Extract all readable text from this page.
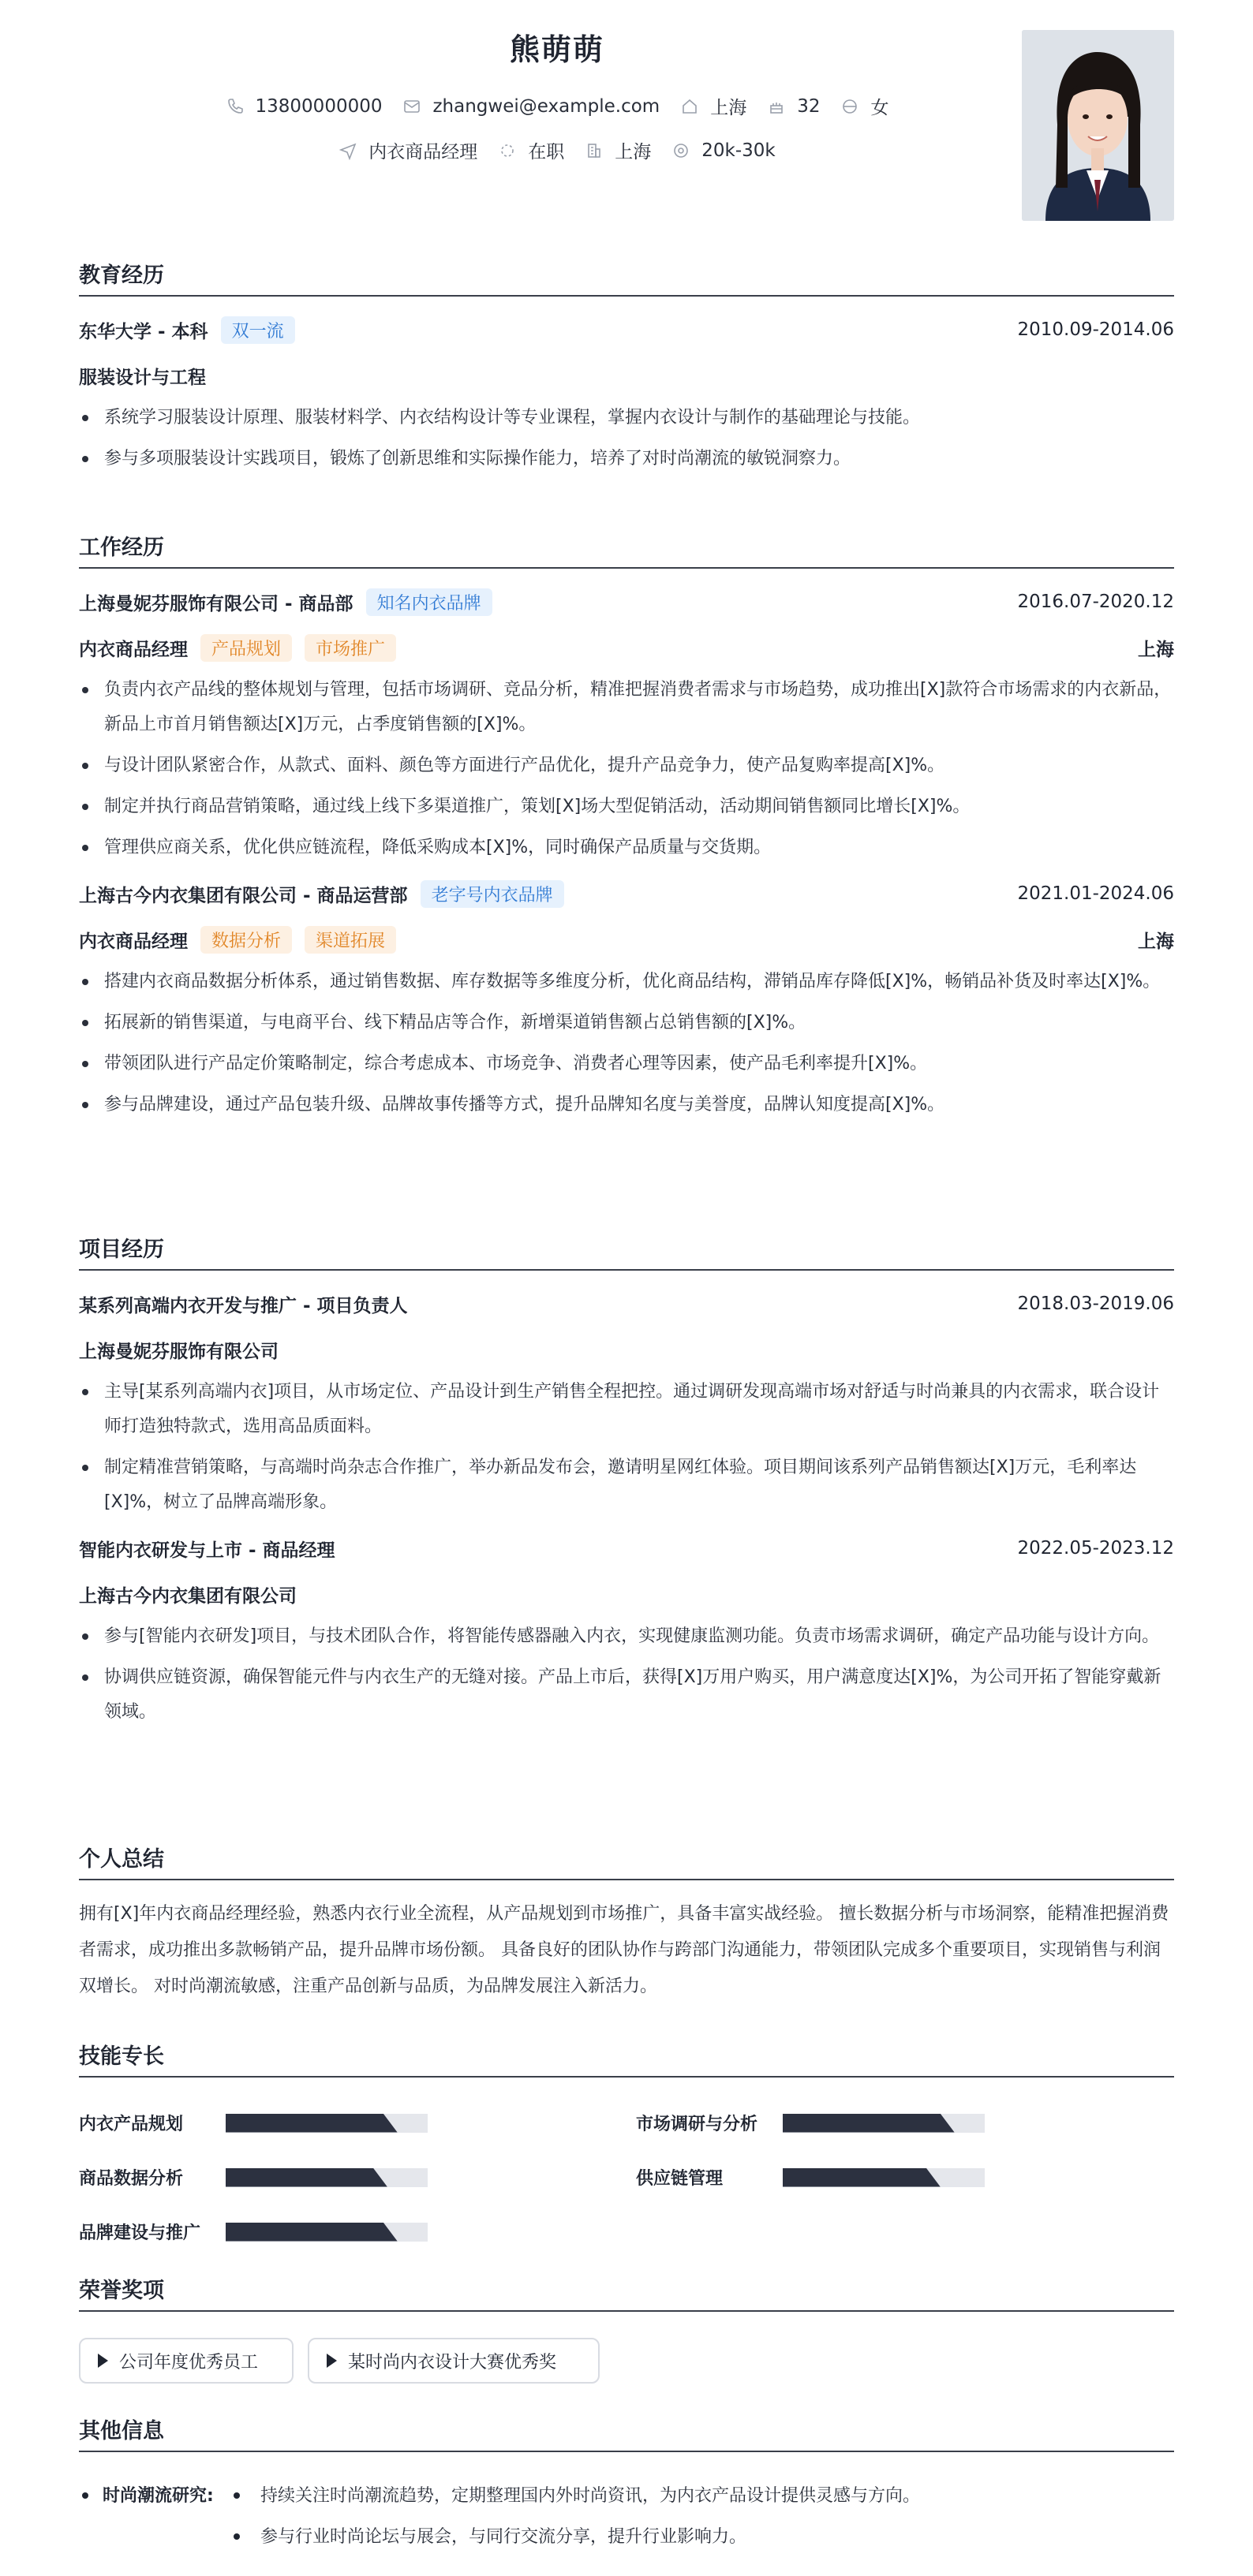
熊萌萌
13800000000	zhangwei@example.com	上海	32	女
内衣商品经理	在职	上海	20k-30k
教育经历
东华大学 - 本科	双一流	2010.09-2014.06
服装设计与工程
系统学习服装设计原理、服装材料学、内衣结构设计等专业课程，掌握内衣设计与制作的基础理论与技能。
参与多项服装设计实践项目，锻炼了创新思维和实际操作能力，培养了对时尚潮流的敏锐洞察力。
工作经历
上海曼妮芬服饰有限公司 - 商品部	知名内衣品牌	2016.07-2020.12
内衣商品经理	产品规划	市场推广	上海
负责内衣产品线的整体规划与管理，包括市场调研、竞品分析，精准把握消费者需求与市场趋势，成功推出[X]款符合市场需求的内衣新品，新品上市首月销售额达[X]万元，占季度销售额的[X]%。
与设计团队紧密合作，从款式、面料、颜色等方面进行产品优化，提升产品竞争力，使产品复购率提高[X]%。
制定并执行商品营销策略，通过线上线下多渠道推广，策划[X]场大型促销活动，活动期间销售额同比增长[X]%。
管理供应商关系，优化供应链流程，降低采购成本[X]%，同时确保产品质量与交货期。
上海古今内衣集团有限公司 - 商品运营部	老字号内衣品牌	2021.01-2024.06
内衣商品经理	数据分析	渠道拓展	上海
搭建内衣商品数据分析体系，通过销售数据、库存数据等多维度分析，优化商品结构，滞销品库存降低[X]%，畅销品补货及时率达[X]%。
拓展新的销售渠道，与电商平台、线下精品店等合作，新增渠道销售额占总销售额的[X]%。
带领团队进行产品定价策略制定，综合考虑成本、市场竞争、消费者心理等因素，使产品毛利率提升[X]%。
参与品牌建设，通过产品包装升级、品牌故事传播等方式，提升品牌知名度与美誉度，品牌认知度提高[X]%。
项目经历
某系列高端内衣开发与推广 - 项目负责人	2018.03-2019.06
上海曼妮芬服饰有限公司
主导[某系列高端内衣]项目，从市场定位、产品设计到生产销售全程把控。通过调研发现高端市场对舒适与时尚兼具的内衣需求，联合设计师打造独特款式，选用高品质面料。
制定精准营销策略，与高端时尚杂志合作推广，举办新品发布会，邀请明星网红体验。项目期间该系列产品销售额达[X]万元，毛利率达[X]%，树立了品牌高端形象。
智能内衣研发与上市 - 商品经理	2022.05-2023.12
上海古今内衣集团有限公司
参与[智能内衣研发]项目，与技术团队合作，将智能传感器融入内衣，实现健康监测功能。负责市场需求调研，确定产品功能与设计方向。
协调供应链资源，确保智能元件与内衣生产的无缝对接。产品上市后，获得[X]万用户购买，用户满意度达[X]%，为公司开拓了智能穿戴新领域。
个人总结
拥有[X]年内衣商品经理经验，熟悉内衣行业全流程，从产品规划到市场推广，具备丰富实战经验。 擅长数据分析与市场洞察，能精准把握消费者需求，成功推出多款畅销产品，提升品牌市场份额。 具备良好的团队协作与跨部门沟通能力，带领团队完成多个重要项目，实现销售与利润双增长。 对时尚潮流敏感，注重产品创新与品质，为品牌发展注入新活力。
技能专长
内衣产品规划	市场调研与分析
商品数据分析	供应链管理
品牌建设与推广
荣誉奖项
公司年度优秀员工	某时尚内衣设计大赛优秀奖
其他信息
时尚潮流研究:	持续关注时尚潮流趋势，定期整理国内外时尚资讯，为内衣产品设计提供灵感与方向。
参与行业时尚论坛与展会，与同行交流分享，提升行业影响力。
